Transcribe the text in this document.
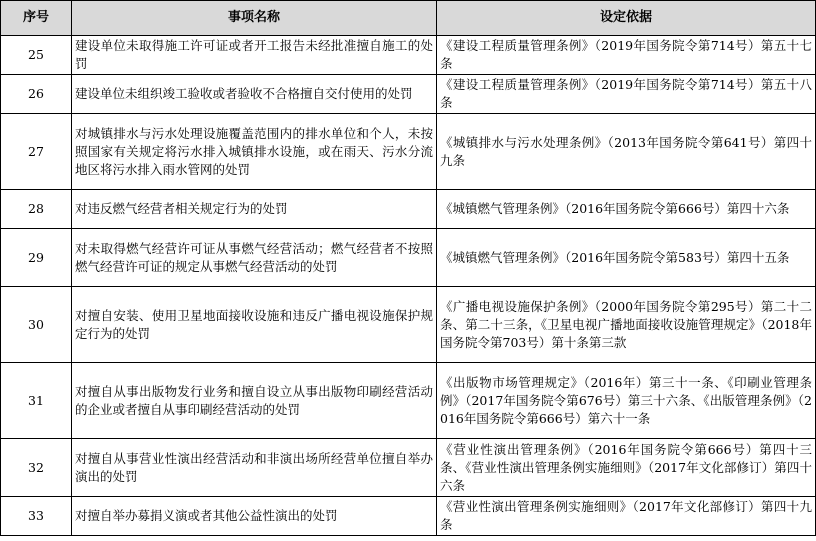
序号	事项名称	设定依据
25	建设单位未取得施工许可证或者开工报告未经批准擅自施工的处罚	《建设工程质量管理条例》（2019年国务院令第714号）第五十七条
26	建设单位未组织竣工验收或者验收不合格擅自交付使用的处罚	《建设工程质量管理条例》（2019年国务院令第714号）第五十八条
27	对城镇排水与污水处理设施覆盖范围内的排水单位和个人，未按照国家有关规定将污水排入城镇排水设施，或在雨天、污水分流地区将污水排入雨水管网的处罚	《城镇排水与污水处理条例》（2013年国务院令第641号）第四十九条
28	对违反燃气经营者相关规定行为的处罚	《城镇燃气管理条例》（2016年国务院令第666号）第四十六条
29	对未取得燃气经营许可证从事燃气经营活动；燃气经营者不按照燃气经营许可证的规定从事燃气经营活动的处罚	《城镇燃气管理条例》（2016年国务院令第583号）第四十五条
30	对擅自安装、使用卫星地面接收设施和违反广播电视设施保护规定行为的处罚	《广播电视设施保护条例》（2000年国务院令第295号）第二十二条、第二十三条，《卫星电视广播地面接收设施管理规定》（2018年国务院令第703号）第十条第三款
31	对擅自从事出版物发行业务和擅自设立从事出版物印刷经营活动的企业或者擅自从事印刷经营活动的处罚	《出版物市场管理规定》（2016年）第三十一条、《印刷业管理条例》（2017年国务院令第676号）第三十六条、《出版管理条例》（2016年国务院令第666号）第六十一条
32	对擅自从事营业性演出经营活动和非演出场所经营单位擅自举办演出的处罚	《营业性演出管理条例》（2016年国务院令第666号）第四十三条、《营业性演出管理条例实施细则》（2017年文化部修订）第四十六条
33	对擅自举办募捐义演或者其他公益性演出的处罚	《营业性演出管理条例实施细则》（2017年文化部修订）第四十九条
